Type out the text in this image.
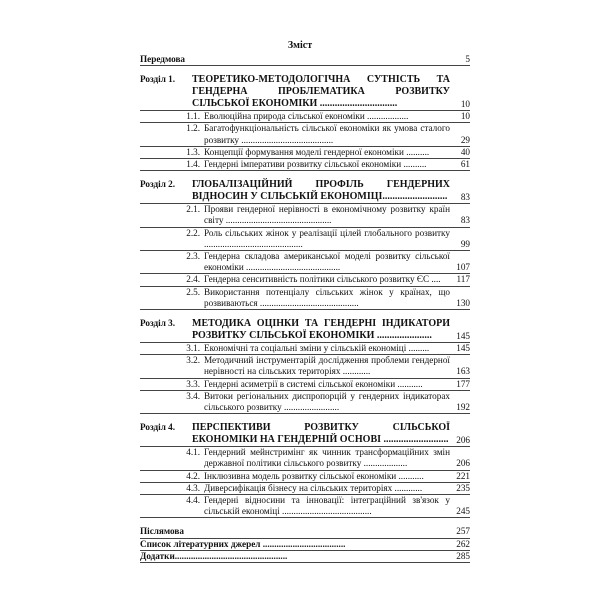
Зміст
Передмова	5
Розділ 1.	ТЕОРЕТИКО-МЕТОДОЛОГІЧНА СУТНІСТЬ ТА ГЕНДЕРНА ПРОБЛЕМАТИКА РОЗВИТКУ СІЛЬСЬКОЇ ЕКОНОМІКИ ...............................	10
1.1. Еволюційна природа сільської економіки ..................	10
1.2. Багатофункціональність сільської економіки як умова сталого розвитку ........................................	29
1.3. Концепції формування моделі гендерної економіки ..........	40
1.4. Гендерні імперативи розвитку сільської економіки ..........	61
Розділ 2.	ГЛОБАЛІЗАЦІЙНИЙ ПРОФІЛЬ ГЕНДЕРНИХ ВІДНОСИН У СІЛЬСЬКІЙ ЕКОНОМІЦІ..........................	83
2.1. Прояви гендерної нерівності в економічному розвитку країн світу ..............................................	83
2.2. Роль сільських жінок у реалізації цілей глобального розвитку ...........................................	99
2.3. Гендерна складова американської моделі розвитку сільської економіки .........................................	107
2.4. Гендерна сенситивність політики сільського розвитку ЄС ....	117
2.5. Використання потенціалу сільських жінок у країнах, що розвиваються ...........................................	130
Розділ 3.	МЕТОДИКА ОЦІНКИ ТА ГЕНДЕРНІ ІНДИКАТОРИ РОЗВИТКУ СІЛЬСЬКОЇ ЕКОНОМІКИ ......................	145
3.1. Економічні та соціальні зміни у сільській економіці .........	145
3.2. Методичний інструментарій дослідження проблеми гендерної нерівності на сільських територіях ............	163
3.3. Гендерні асиметрії в системі сільської економіки ...........	177
3.4. Витоки регіональних диспропорцій у гендерних індикаторах сільського розвитку ........................	192
Розділ 4.	ПЕРСПЕКТИВИ РОЗВИТКУ СІЛЬСЬКОЇ ЕКОНОМІКИ НА ГЕНДЕРНІЙ ОСНОВІ .......................... 206
4.1. Гендерний мейнстримінг як чинник трансформаційних змін державної політики сільського розвитку ...................	206
4.2. Інклюзивна модель розвитку сільської економіки ...........	221
4.3. Диверсифікація бізнесу на сільських територіях ............	235
4.4. Гендерні відносини та інновації: інтеграційний зв'язок у сільській економіці .......................................	245
Післямова	257
Список літературних джерел ....................................	262
Додатки.................................................	285
